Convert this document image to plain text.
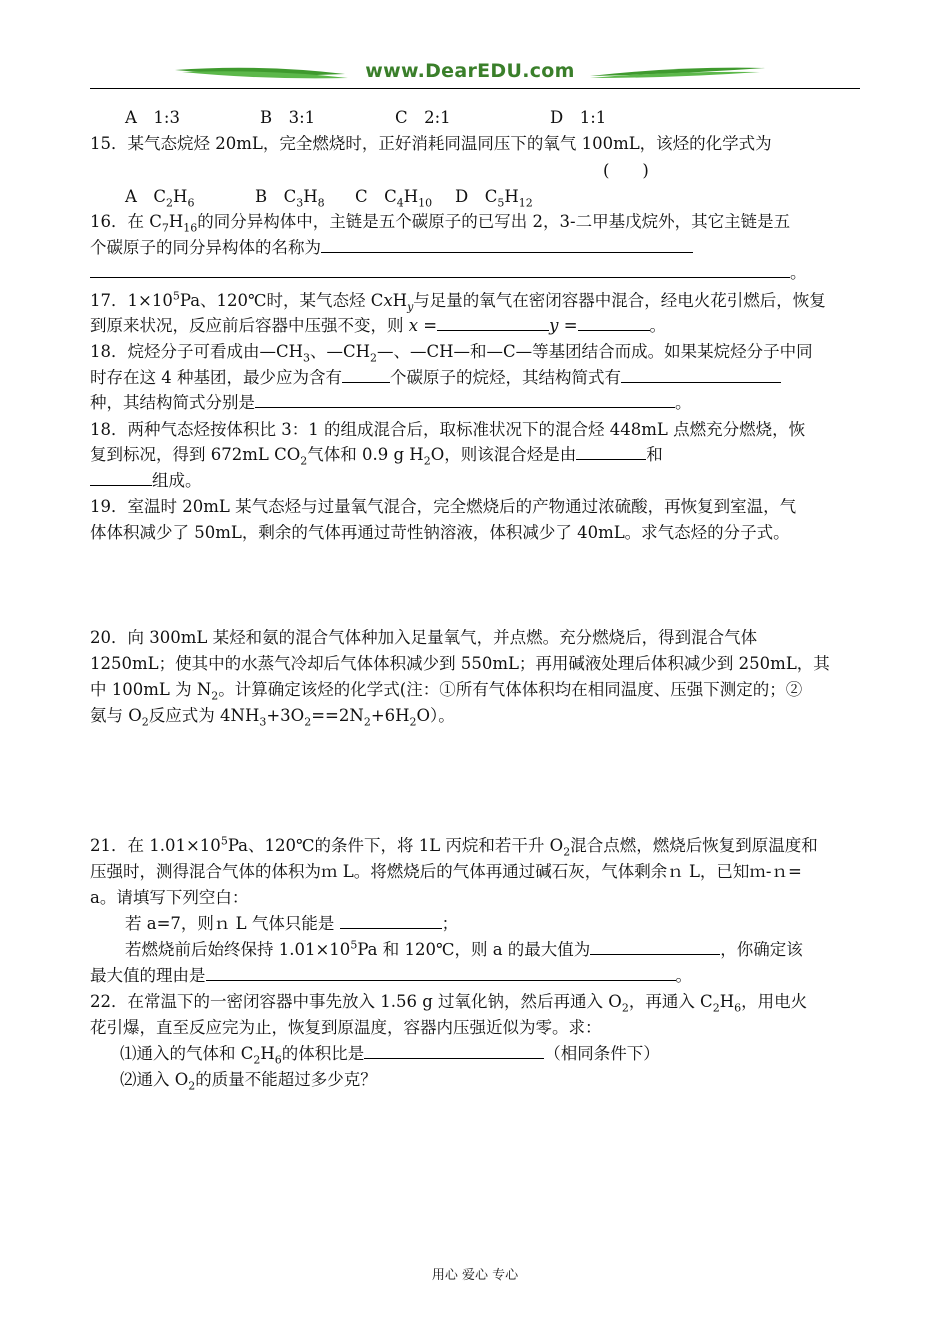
www.DearEDU.com
A　1:3	B　3:1	C　2:1	D　1:1
15．某气态烷烃 20mL，完全燃烧时，正好消耗同温同压下的氧气 100mL，该烃的化学式为
(　　)
A　$C_2H_6$	B　$C_3H_8$ C　$C_4H_{10}$ D　$C_5H_{12}$
16．在 $C_7H_{16}$的同分异构体中，主链是五个碳原子的已写出 2，3-二甲基戊烷外，其它主链是五
个碳原子的同分异构体的名称为
。
17．$1\times 10^5Pa$、120℃时，某气态烃 CxH$_y$与足量的氧气在密闭容器中混合，经电火花引燃后，恢复
到原来状况，反应前后容器中压强不变，则 x =	y =	。
18．烷烃分子可看成由$—CH_3$、$—CH_2—$、—CH—和—C—等基团结合而成。如果某烷烃分子中同
时存在这 4 种基团，最少应为含有	个碳原子的烷烃，其结构简式有
种，其结构简式分别是	。
18．两种气态烃按体积比 3：1 的组成混合后，取标准状况下的混合烃 448mL 点燃充分燃烧，恢
复到标况，得到 672mL $CO_2$气体和 0.9 g $H_2O$，则该混合烃是由	和
组成。
19．室温时 20mL 某气态烃与过量氧气混合，完全燃烧后的产物通过浓硫酸，再恢复到室温，气
体体积减少了 50mL，剩余的气体再通过苛性钠溶液，体积减少了 40mL。求气态烃的分子式。
20．向 300mL 某烃和氨的混合气体种加入足量氧气，并点燃。充分燃烧后，得到混合气体
1250mL；使其中的水蒸气冷却后气体体积减少到 550mL；再用碱液处理后体积减少到 250mL，其
中 100mL 为 $N_2$。计算确定该烃的化学式(注：①所有气体体积均在相同温度、压强下测定的；②
氨与 $O_2$反应式为 $4NH_3+3O_2==2N_2+6H_2O$）。
21．在 $1.01\times 10^5Pa$、120℃的条件下，将 1L 丙烷和若干升 $O_2$混合点燃，燃烧后恢复到原温度和
压强时，测得混合气体的体积为ｍ L。将燃烧后的气体再通过碱石灰，气体剩余ｎ L，已知ｍ-ｎ=
a。请填写下列空白：
若 a=7，则ｎ L 气体只能是	；
若燃烧前后始终保持 $1.01\times 10^5Pa$ 和 120℃，则 a 的最大值为	，你确定该
最大值的理由是	。
22．在常温下的一密闭容器中事先放入 1.56 g 过氧化钠，然后再通入 $O_2$，再通入 $C_2H_6$，用电火
花引爆，直至反应完为止，恢复到原温度，容器内压强近似为零。求：
⑴通入的气体和 $C_2H_6$的体积比是	（相同条件下）
⑵通入 $O_2$的质量不能超过多少克？
用心 爱心 专心
